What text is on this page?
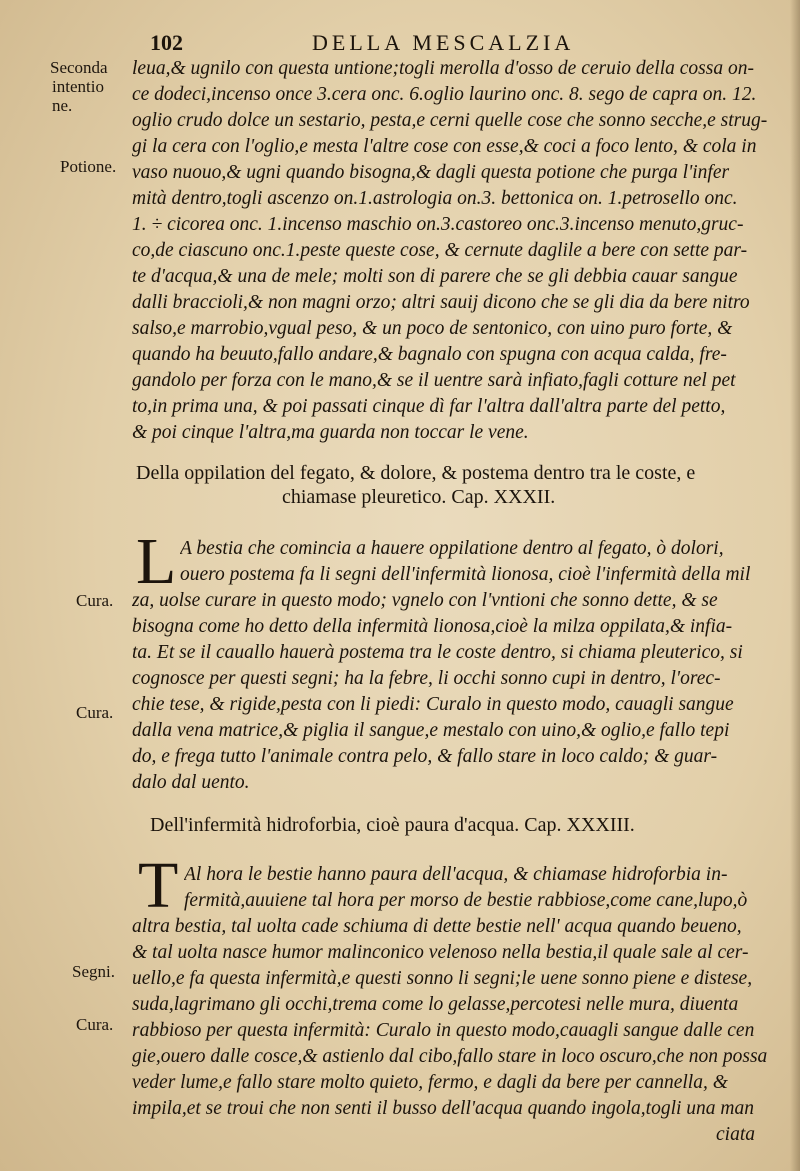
102	DELLA MESCALZIA
Seconda
intentio
ne.
Potione.
Cura.
Cura.
Segni.
Cura.
leua,& ugnilo con questa untione;togli merolla d'osso de ceruio della cossa on-
ce dodeci,incenso once 3.cera onc. 6.oglio laurino onc. 8. sego de capra on. 12.
oglio crudo dolce un sestario, pesta,e cerni quelle cose che sonno secche,e strug-
gi la cera con l'oglio,e mesta l'altre cose con esse,& coci a foco lento, & cola in
vaso nuouo,& ugni quando bisogna,& dagli questa potione che purga l'infer
mità dentro,togli ascenzo on.1.astrologia on.3. bettonica on. 1.petrosello onc.
1. ÷ cicorea onc. 1.incenso maschio on.3.castoreo onc.3.incenso menuto,gruc-
co,de ciascuno onc.1.peste queste cose, & cernute daglile a bere con sette par-
te d'acqua,& una de mele; molti son di parere che se gli debbia cauar sangue
dalli braccioli,& non magni orzo; altri sauij dicono che se gli dia da bere nitro
salso,e marrobio,vgual peso, & un poco de sentonico, con uino puro forte, &
quando ha beuuto,fallo andare,& bagnalo con spugna con acqua calda, fre-
gandolo per forza con le mano,& se il uentre sarà infiato,fagli cotture nel pet
to,in prima una, & poi passati cinque dì far l'altra dall'altra parte del petto,
& poi cinque l'altra,ma guarda non toccar le vene.
Della oppilation del fegato, & dolore, & postema dentro tra le coste, e
chiamase pleuretico. Cap. XXXII.
L A bestia che comincia a hauere oppilatione dentro al fegato, ò dolori,
ouero postema fa li segni dell'infermità lionosa, cioè l'infermità della mil
za, uolse curare in questo modo; vgnelo con l'vntioni che sonno dette, & se
bisogna come ho detto della infermità lionosa,cioè la milza oppilata,& infia-
ta. Et se il cauallo hauerà postema tra le coste dentro, si chiama pleuterico, si
cognosce per questi segni; ha la febre, li occhi sonno cupi in dentro, l'orec-
chie tese, & rigide,pesta con li piedi: Curalo in questo modo, cauagli sangue
dalla vena matrice,& piglia il sangue,e mestalo con uino,& oglio,e fallo tepi
do, e frega tutto l'animale contra pelo, & fallo stare in loco caldo; & guar-
dalo dal uento.
Dell'infermità hidroforbia, cioè paura d'acqua. Cap. XXXIII.
T Al hora le bestie hanno paura dell'acqua, & chiamase hidroforbia in-
fermità,auuiene tal hora per morso de bestie rabbiose,come cane,lupo,ò
altra bestia, tal uolta cade schiuma di dette bestie nell' acqua quando beueno,
& tal uolta nasce humor malinconico velenoso nella bestia,il quale sale al cer-
uello,e fa questa infermità,e questi sonno li segni;le uene sonno piene e distese,
suda,lagrimano gli occhi,trema come lo gelasse,percotesi nelle mura, diuenta
rabbioso per questa infermità: Curalo in questo modo,cauagli sangue dalle cen
gie,ouero dalle cosce,& astienlo dal cibo,fallo stare in loco oscuro,che non possa
veder lume,e fallo stare molto quieto, fermo, e dagli da bere per cannella, &
impila,et se troui che non senti il busso dell'acqua quando ingola,togli una man
ciata
